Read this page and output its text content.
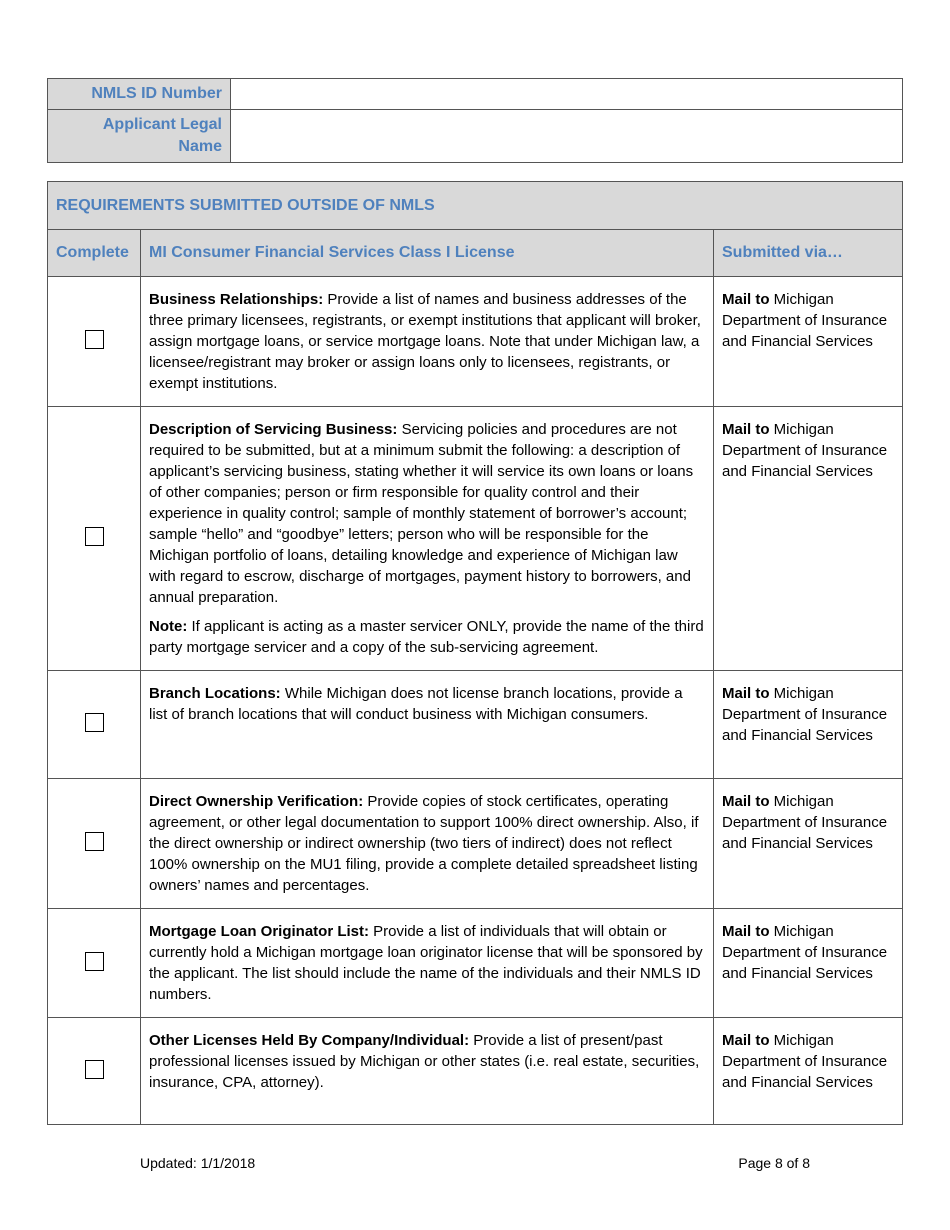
NMLS ID Number	
Applicant Legal Name	
REQUIREMENTS SUBMITTED OUTSIDE OF NMLS		
Complete	MI Consumer Financial Services Class I License	Submitted via…

	Business Relationships: Provide a list of names and business addresses of the three primary licensees, registrants, or exempt institutions that applicant will broker, assign mortgage loans, or service mortgage loans. Note that under Michigan law, a licensee/registrant may broker or assign loans only to licensees, registrants, or exempt institutions.	Mail to Michigan Department of Insurance and Financial Services

	Description of Servicing Business: Servicing policies and procedures are not required to be submitted, but at a minimum submit the following: a description of applicant’s servicing business, stating whether it will service its own loans or loans of other companies; person or firm responsible for quality control and their experience in quality control; sample of monthly statement of borrower’s account; sample “hello” and “goodbye” letters; person who will be responsible for the Michigan portfolio of loans, detailing knowledge and experience of Michigan law with regard to escrow, discharge of mortgages, payment history to borrowers, and annual preparation.

Note: If applicant is acting as a master servicer ONLY, provide the name of the third party mortgage servicer and a copy of the sub-servicing agreement.	Mail to Michigan Department of Insurance and Financial Services

	Branch Locations: While Michigan does not license branch locations, provide a list of branch locations that will conduct business with Michigan consumers.	Mail to Michigan Department of Insurance and Financial Services

	Direct Ownership Verification: Provide copies of stock certificates, operating agreement, or other legal documentation to support 100% direct ownership. Also, if the direct ownership or indirect ownership (two tiers of indirect) does not reflect 100% ownership on the MU1 filing, provide a complete detailed spreadsheet listing owners’ names and percentages.	Mail to Michigan Department of Insurance and Financial Services

	Mortgage Loan Originator List: Provide a list of individuals that will obtain or currently hold a Michigan mortgage loan originator license that will be sponsored by the applicant. The list should include the name of the individuals and their NMLS ID numbers.	Mail to Michigan Department of Insurance and Financial Services

	Other Licenses Held By Company/Individual: Provide a list of present/past professional licenses issued by Michigan or other states (i.e. real estate, securities, insurance, CPA, attorney).	Mail to Michigan Department of Insurance and Financial Services
Updated: 1/1/2018	Page 8 of 8
